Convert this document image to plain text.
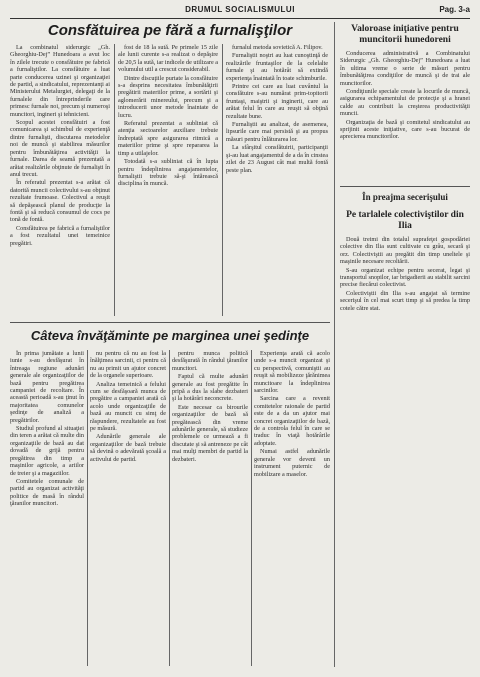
DRUMUL SOCIALISMULUI	Pag. 3-a
Consfătuirea pe fără a furnalişţilor

La combinatul siderurgic „Gh. Gheorghiu-Dej” Hunedoara a avut loc în zilele trecute o consfătuire pe fabrică a furnaliştilor. La consfătuire a luat parte conducerea uzinei şi organizaţiei de partid, a sindicatului, reprezentanţi ai Ministerului Metalurgiei, delegaţi de la furnalele din întreprinderile care primesc furnale noi, precum şi numeroşi muncitori, ingineri şi tehnicieni.

Scopul acestei consfătuiri a fost comunicarea şi schimbul de experienţă dintre furnalişti, discutarea metodelor noi de muncă şi stabilirea măsurilor pentru îmbunătăţirea activităţii la furnale. Darea de seamă prezentată a arătat realizările obţinute de furnalişti în anul trecut.

În referatul prezentat s-a arătat că datorită muncii colectivului s-au obţinut rezultate frumoase. Colectivul a reuşit să depăşească planul de producţie la fontă şi să reducă consumul de cocs pe tonă de fontă.

Consfătuirea pe fabrică a furnaliştilor a fost rezultatul unei temeinice pregătiri.

fost de 18 la sută. Pe primele 15 zile ale lunii curente s-a realizat o depăşire de 20,5 la sută, iar indicele de utilizare a volumului util a crescut considerabil.

Dintre discuţiile purtate la consfătuire s-a desprins necesitatea îmbunătăţirii pregătirii materiilor prime, a sortării şi aglomerării minereului, precum şi a introducerii unor metode înaintate de lucru.

Referatul prezentat a subliniat că atenţia sectoarelor auxiliare trebuie îndreptată spre asigurarea ritmică a materiilor prime şi spre repararea la timp a utilajelor.

Totodată s-a subliniat că în lupta pentru îndeplinirea angajamentelor, furnaliştii trebuie să-şi întărească disciplina în muncă.

furnalul metoda sovietică A. Filipov.

Furnaliştii noştri au luat cunoştinţă de realizările fruntaşilor de la celelalte furnale şi au hotărât să extindă experienţa înaintată în toate schimburile.

Printre cei care au luat cuvântul la consfătuire s-au numărat prim-topitorii fruntaşi, maiştrii şi inginerii, care au arătat felul în care au reuşit să obţină rezultate bune.

Furnaliştii au analizat, de asemenea, lipsurile care mai persistă şi au propus măsuri pentru înlăturarea lor.

La sfârşitul consfătuirii, participanţii şi-au luat angajamentul de a da în cinstea zilei de 23 August cât mai multă fontă peste plan.

Valoroase iniţiative pentru muncitorii hunedoreni

Conducerea administrativă a Combinatului Siderurgic „Gh. Gheorghiu-Dej” Hunedoara a luat în ultima vreme o serie de măsuri pentru îmbunătăţirea condiţiilor de muncă şi de trai ale muncitorilor.

Condiţiunile speciale create la locurile de muncă, asigurarea echipamentului de protecţie şi a hranei calde au contribuit la creşterea productivităţii muncii.

Organizaţia de bază şi comitetul sindicatului au sprijinit aceste iniţiative, care s-au bucurat de aprecierea muncitorilor.

În preajma secerişului
Pe tarlalele colectiviştilor din Ilia

Două treimi din totalul suprafeţei gospodăriei colective din Ilia sunt cultivate cu grâu, secară şi orz. Colectiviştii au pregătit din timp uneltele şi maşinile necesare recoltării.

S-au organizat echipe pentru secerat, legat şi transportul snopilor, iar brigadierii au stabilit sarcini precise fiecărui colectivist.

Colectiviştii din Ilia s-au angajat să termine secerişul în cel mai scurt timp şi să predea la timp cotele către stat.

Câteva învăţăminte pe marginea unei şedinţe

În prima jumătate a lunii iunie s-au desfăşurat în întreaga regiune adunări generale ale organizaţiilor de bază pentru pregătirea campaniei de recoltare. În această perioadă s-au ţinut în majoritatea comunelor şedinţe de analiză a pregătirilor.

Studiul profund al situaţiei din teren a arătat că multe din organizaţiile de bază au dat dovadă de grijă pentru pregătirea din timp a maşinilor agricole, a ariilor de treier şi a magaziilor.

Comitetele comunale de partid au organizat activităţi politice de masă în rândul ţăranilor muncitori.

nu pentru că nu au fost la înălţimea sarcinii, ci pentru că nu au primit un ajutor concret de la organele superioare.

Analiza temeinică a felului cum se desfăşoară munca de pregătire a campaniei arată că acolo unde organizaţiile de bază au muncit cu simţ de răspundere, rezultatele au fost pe măsură.

Adunările generale ale organizaţiilor de bază trebuie să devină o adevărată şcoală a activului de partid.

pentru munca politică desfăşurată în rândul ţăranilor muncitori.

Faptul că multe adunări generale au fost pregătite în pripă a dus la slabe dezbateri şi la hotărâri neconcrete.

Este necesar ca birourile organizaţiilor de bază să pregătească din vreme adunările generale, să studieze problemele ce urmează a fi discutate şi să antreneze pe cât mai mulţi membri de partid la dezbateri.

Experienţa arată că acolo unde s-a muncit organizat şi cu perspectivă, comuniştii au reuşit să mobilizeze ţărănimea muncitoare la îndeplinirea sarcinilor.

Sarcina care a revenit comitetelor raionale de partid este de a da un ajutor mai concret organizaţiilor de bază, de a controla felul în care se traduc în viaţă hotărârile adoptate.

Numai astfel adunările generale vor deveni un instrument puternic de mobilizare a maselor.
